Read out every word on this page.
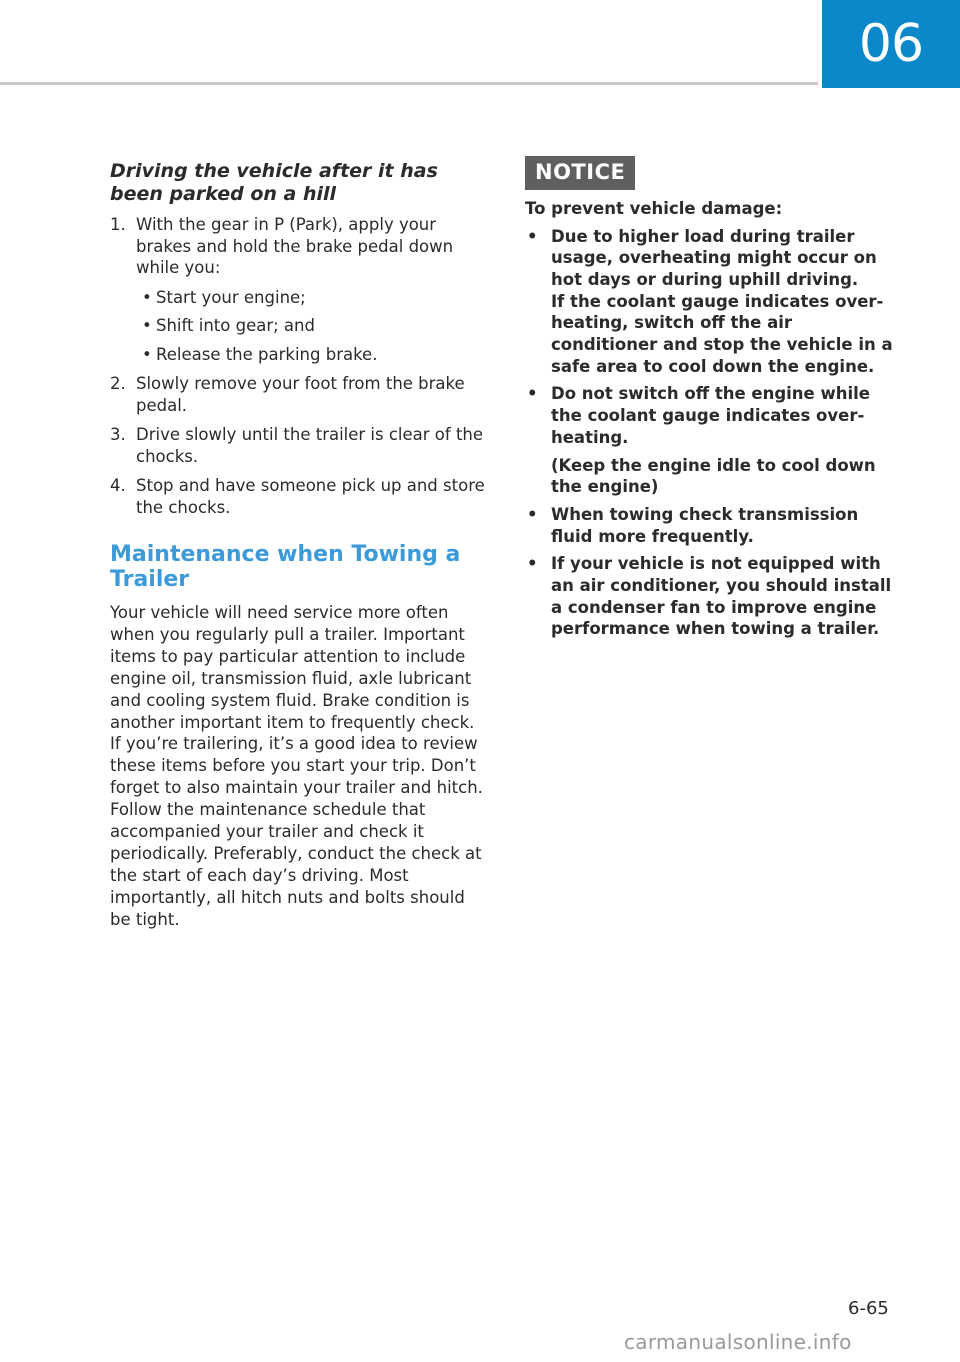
06
Driving the vehicle after it has been parked on a hill
1. With the gear in P (Park), apply your brakes and hold the brake pedal down while you:
• Start your engine;
• Shift into gear; and
• Release the parking brake.
2. Slowly remove your foot from the brake pedal.
3. Drive slowly until the trailer is clear of the chocks.
4. Stop and have someone pick up and store the chocks.
Maintenance when Towing a Trailer

Your vehicle will need service more often when you regularly pull a trailer. Important items to pay particular attention to include engine oil, transmission fluid, axle lubricant and cooling system fluid. Brake condition is another important item to frequently check. If you’re trailering, it’s a good idea to review these items before you start your trip. Don’t forget to also maintain your trailer and hitch. Follow the maintenance schedule that accompanied your trailer and check it periodically. Preferably, conduct the check at the start of each day’s driving. Most importantly, all hitch nuts and bolts should be tight.

NOTICE

To prevent vehicle damage:

• Due to higher load during trailer usage, overheating might occur on hot days or during uphill driving.
If the coolant gauge indicates over-heating, switch off the air conditioner and stop the vehicle in a safe area to cool down the engine.
• Do not switch off the engine while the coolant gauge indicates over-heating.
(Keep the engine idle to cool down the engine)
• When towing check transmission fluid more frequently.
• If your vehicle is not equipped with an air conditioner, you should install a condenser fan to improve engine performance when towing a trailer.
6-65
carmanualsonline.info
